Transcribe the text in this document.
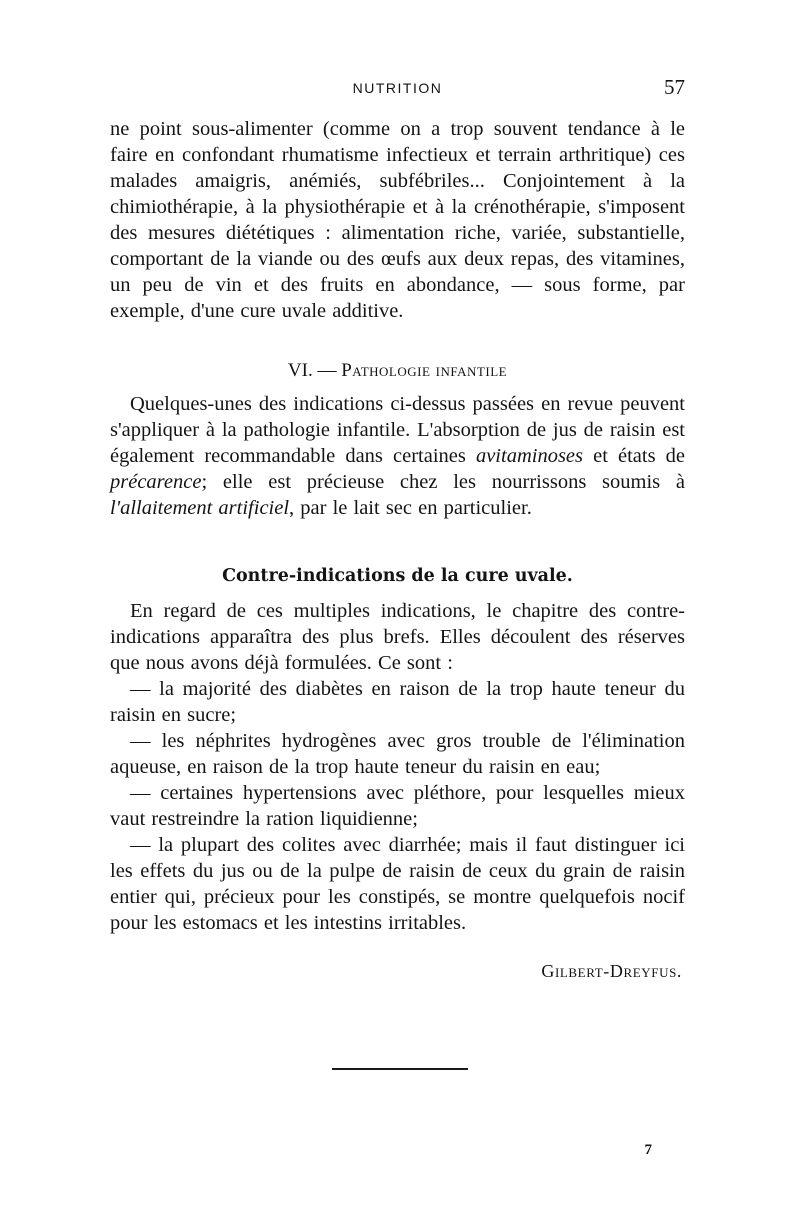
NUTRITION	57

ne point sous-alimenter (comme on a trop souvent tendance à le faire en confondant rhumatisme infectieux et terrain arthritique) ces malades amaigris, anémiés, subfébriles... Conjointement à la chimiothérapie, à la physiothérapie et à la crénothérapie, s'imposent des mesures diététiques : alimentation riche, variée, substantielle, comportant de la viande ou des œufs aux deux repas, des vitamines, un peu de vin et des fruits en abondance, — sous forme, par exemple, d'une cure uvale additive.

VI. — Pathologie infantile

Quelques-unes des indications ci-dessus passées en revue peuvent s'appliquer à la pathologie infantile. L'absorption de jus de raisin est également recommandable dans certaines avitaminoses et états de précarence; elle est précieuse chez les nourrissons soumis à l'allaitement artificiel, par le lait sec en particulier.

Contre-indications de la cure uvale.

En regard de ces multiples indications, le chapitre des contre-indications apparaîtra des plus brefs. Elles découlent des réserves que nous avons déjà formulées. Ce sont :

— la majorité des diabètes en raison de la trop haute teneur du raisin en sucre;

— les néphrites hydrogènes avec gros trouble de l'élimination aqueuse, en raison de la trop haute teneur du raisin en eau;

— certaines hypertensions avec pléthore, pour lesquelles mieux vaut restreindre la ration liquidienne;

— la plupart des colites avec diarrhée; mais il faut distinguer ici les effets du jus ou de la pulpe de raisin de ceux du grain de raisin entier qui, précieux pour les constipés, se montre quelquefois nocif pour les estomacs et les intestins irritables.

Gilbert-Dreyfus.
7
